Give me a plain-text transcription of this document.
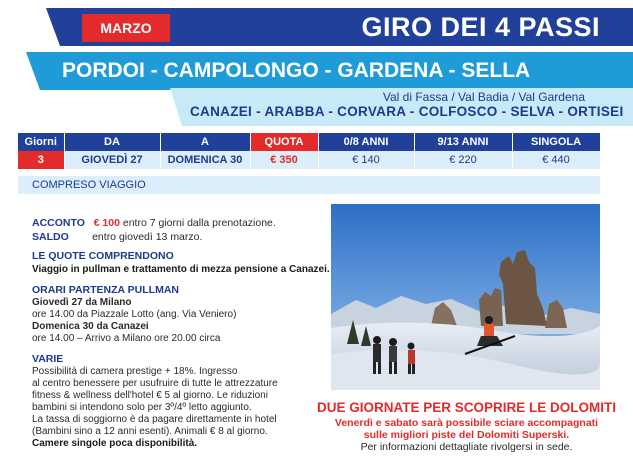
MARZO	GIRO DEI 4 PASSI
PORDOI - CAMPOLONGO - GARDENA - SELLA
Val di Fassa / Val Badia / Val Gardena
CANAZEI - ARABBA - CORVARA - COLFOSCO - SELVA - ORTISEI
Giorni	DA	A	QUOTA	0/8 ANNI	9/13 ANNI	SINGOLA
3	GIOVEDÌ 27	DOMENICA 30	€ 350	€ 140	€ 220	€ 440
COMPRESO VIAGGIO
ACCONTO € 100 entro 7 giorni dalla prenotazione.
SALDO entro giovedì 13 marzo.
LE QUOTE COMPRENDONO
Viaggio in pullman e trattamento di mezza pensione a Canazei.
ORARI PARTENZA PULLMAN
Giovedì 27 da Milano
ore 14.00 da Piazzale Lotto (ang. Via Veniero)
Domenica 30 da Canazei
ore 14.00 – Arrivo a Milano ore 20.00 circa
VARIE
Possibilità di camera prestige + 18%. Ingresso
al centro benessere per usufruire di tutte le attrezzature
fitness & wellness dell'hotel € 5 al giorno. Le riduzioni
bambini si intendono solo per 3º/4º letto aggiunto.
La tassa di soggiorno è da pagare direttamente in hotel
(Bambini sino a 12 anni esenti). Animali € 8 al giorno.
Camere singole poca disponibilità.
DUE GIORNATE PER SCOPRIRE LE DOLOMITI
Venerdì e sabato sarà possibile sciare accompagnati
sulle migliori piste del Dolomiti Superski.
Per informazioni dettagliate rivolgersi in sede.
